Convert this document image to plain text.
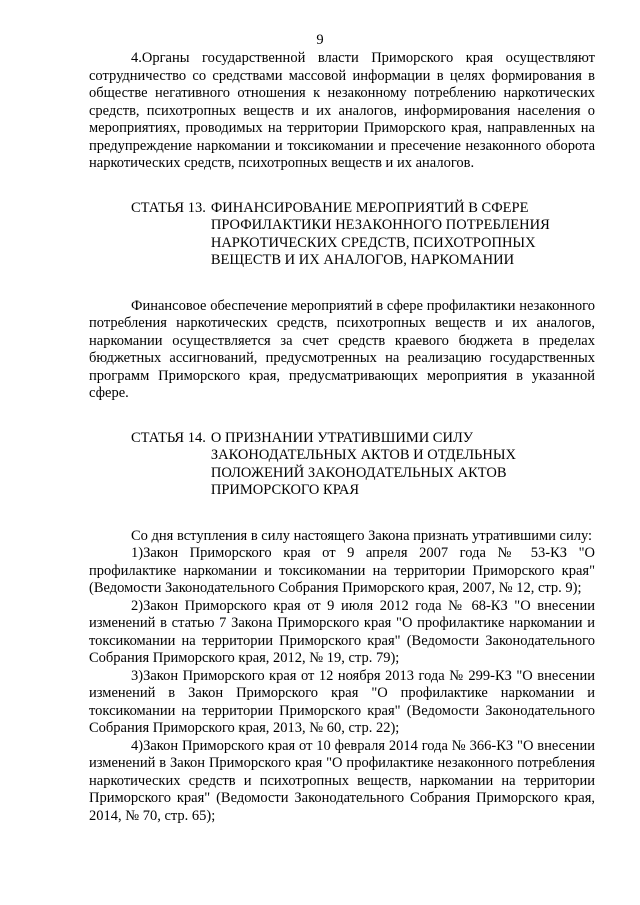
9

4.Органы государственной власти Приморского края осуществляют сотрудничество со средствами массовой информации в целях формирования в обществе негативного отношения к незаконному потреблению наркотических средств, психотропных веществ и их аналогов, информирования населения о мероприятиях, проводимых на территории Приморского края, направленных на предупреждение наркомании и токсикомании и пресечение незаконного оборота наркотических средств, психотропных веществ и их аналогов.

СТАТЬЯ 13. ФИНАНСИРОВАНИЕ МЕРОПРИЯТИЙ В СФЕРЕ ПРОФИЛАКТИКИ НЕЗАКОННОГО ПОТРЕБЛЕНИЯ НАРКОТИЧЕСКИХ СРЕДСТВ, ПСИХОТРОПНЫХ ВЕЩЕСТВ И ИХ АНАЛОГОВ, НАРКОМАНИИ

Финансовое обеспечение мероприятий в сфере профилактики незаконного потребления наркотических средств, психотропных веществ и их аналогов, наркомании осуществляется за счет средств краевого бюджета в пределах бюджетных ассигнований, предусмотренных на реализацию государственных программ Приморского края, предусматривающих мероприятия в указанной сфере.

СТАТЬЯ 14. О ПРИЗНАНИИ УТРАТИВШИМИ СИЛУ ЗАКОНОДАТЕЛЬНЫХ АКТОВ И ОТДЕЛЬНЫХ ПОЛОЖЕНИЙ ЗАКОНОДАТЕЛЬНЫХ АКТОВ ПРИМОРСКОГО КРАЯ

Со дня вступления в силу настоящего Закона признать утратившими силу:

1)Закон Приморского края от 9 апреля 2007 года № 53-КЗ "О профилактике наркомании и токсикомании на территории Приморского края" (Ведомости Законодательного Собрания Приморского края, 2007, № 12, стр. 9);

2)Закон Приморского края от 9 июля 2012 года № 68-КЗ "О внесении изменений в статью 7 Закона Приморского края "О профилактике наркомании и токсикомании на территории Приморского края" (Ведомости Законодательного Собрания Приморского края, 2012, № 19, стр. 79);

3)Закон Приморского края от 12 ноября 2013 года № 299-КЗ "О внесении изменений в Закон Приморского края "О профилактике наркомании и токсикомании на территории Приморского края" (Ведомости Законодательного Собрания Приморского края, 2013, № 60, стр. 22);

4)Закон Приморского края от 10 февраля 2014 года № 366-КЗ "О внесении изменений в Закон Приморского края "О профилактике незаконного потребления наркотических средств и психотропных веществ, наркомании на территории Приморского края" (Ведомости Законодательного Собрания Приморского края, 2014, № 70, стр. 65);
